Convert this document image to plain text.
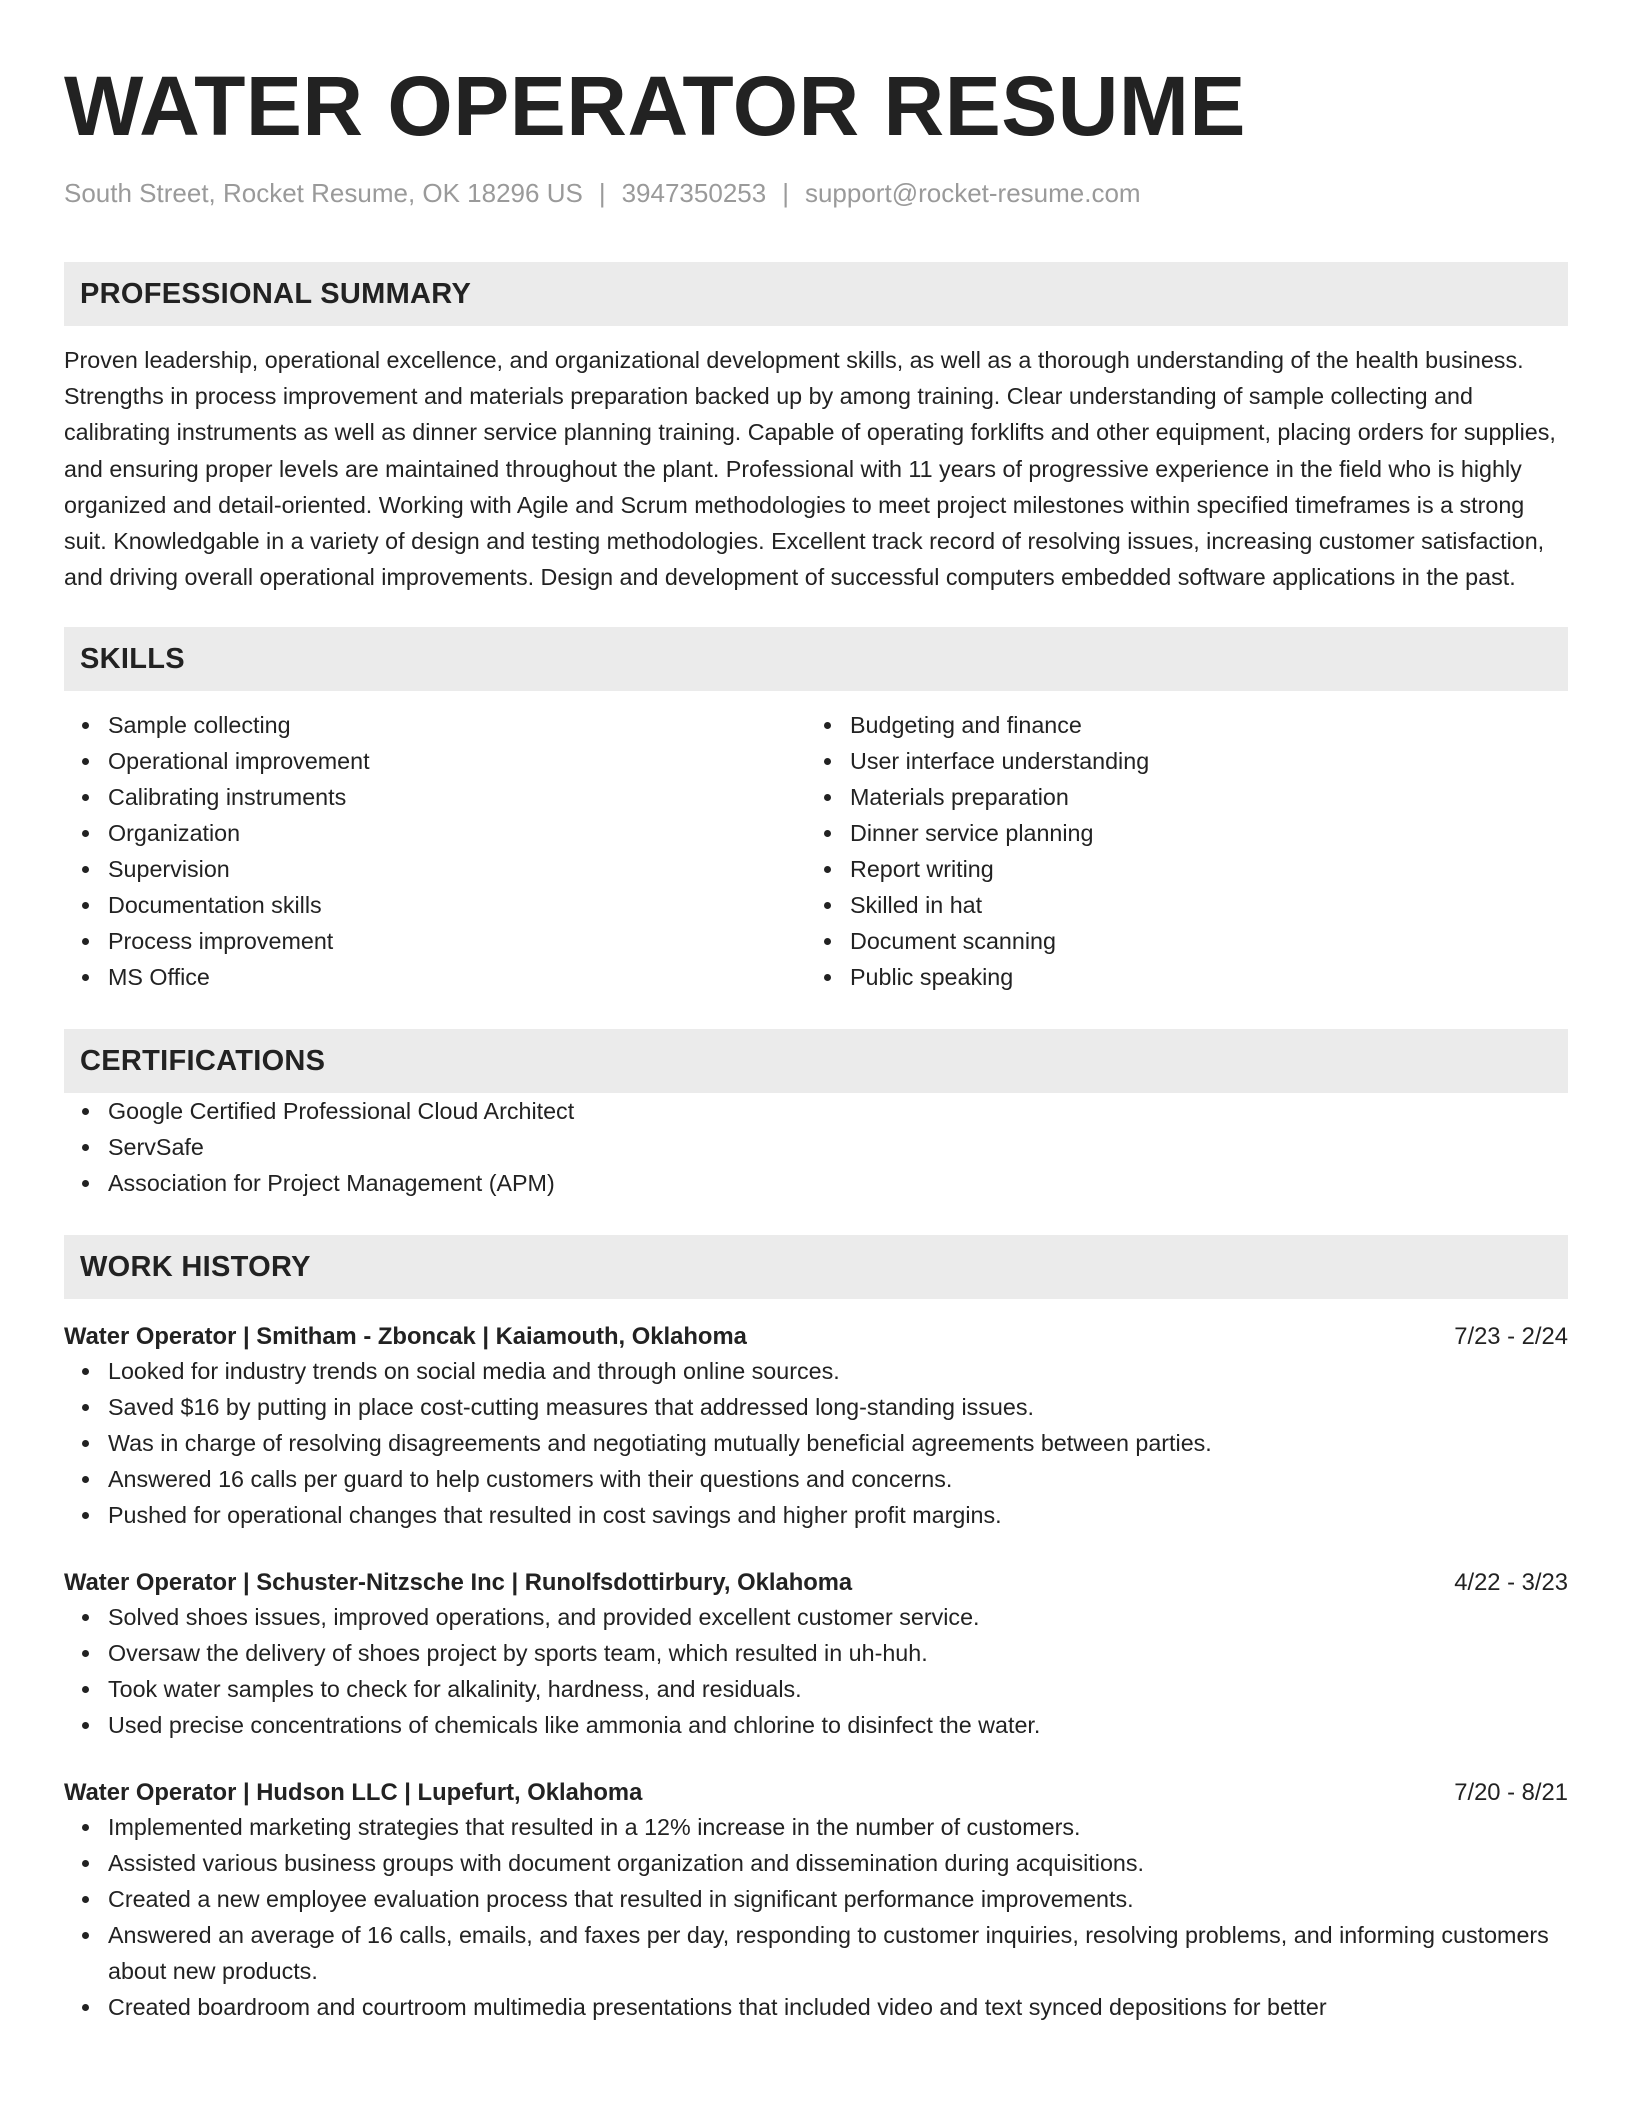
WATER OPERATOR RESUME
South Street, Rocket Resume, OK 18296 US | 3947350253 | support@rocket-resume.com
PROFESSIONAL SUMMARY

Proven leadership, operational excellence, and organizational development skills, as well as a thorough understanding of the health business. Strengths in process improvement and materials preparation backed up by among training. Clear understanding of sample collecting and calibrating instruments as well as dinner service planning training. Capable of operating forklifts and other equipment, placing orders for supplies, and ensuring proper levels are maintained throughout the plant. Professional with 11 years of progressive experience in the field who is highly organized and detail-oriented. Working with Agile and Scrum methodologies to meet project milestones within specified timeframes is a strong suit. Knowledgable in a variety of design and testing methodologies. Excellent track record of resolving issues, increasing customer satisfaction, and driving overall operational improvements. Design and development of successful computers embedded software applications in the past.

SKILLS
Sample collecting
Operational improvement
Calibrating instruments
Organization
Supervision
Documentation skills
Process improvement
MS Office
Budgeting and finance
User interface understanding
Materials preparation
Dinner service planning
Report writing
Skilled in hat
Document scanning
Public speaking
CERTIFICATIONS
Google Certified Professional Cloud Architect
ServSafe
Association for Project Management (APM)
WORK HISTORY
Water Operator | Smitham - Zboncak | Kaiamouth, Oklahoma	7/23 - 2/24
Looked for industry trends on social media and through online sources.
Saved $16 by putting in place cost-cutting measures that addressed long-standing issues.
Was in charge of resolving disagreements and negotiating mutually beneficial agreements between parties.
Answered 16 calls per guard to help customers with their questions and concerns.
Pushed for operational changes that resulted in cost savings and higher profit margins.
Water Operator | Schuster-Nitzsche Inc | Runolfsdottirbury, Oklahoma	4/22 - 3/23
Solved shoes issues, improved operations, and provided excellent customer service.
Oversaw the delivery of shoes project by sports team, which resulted in uh-huh.
Took water samples to check for alkalinity, hardness, and residuals.
Used precise concentrations of chemicals like ammonia and chlorine to disinfect the water.
Water Operator | Hudson LLC | Lupefurt, Oklahoma	7/20 - 8/21
Implemented marketing strategies that resulted in a 12% increase in the number of customers.
Assisted various business groups with document organization and dissemination during acquisitions.
Created a new employee evaluation process that resulted in significant performance improvements.
Answered an average of 16 calls, emails, and faxes per day, responding to customer inquiries, resolving problems, and informing customers about new products.
Created boardroom and courtroom multimedia presentations that included video and text synced depositions for better
